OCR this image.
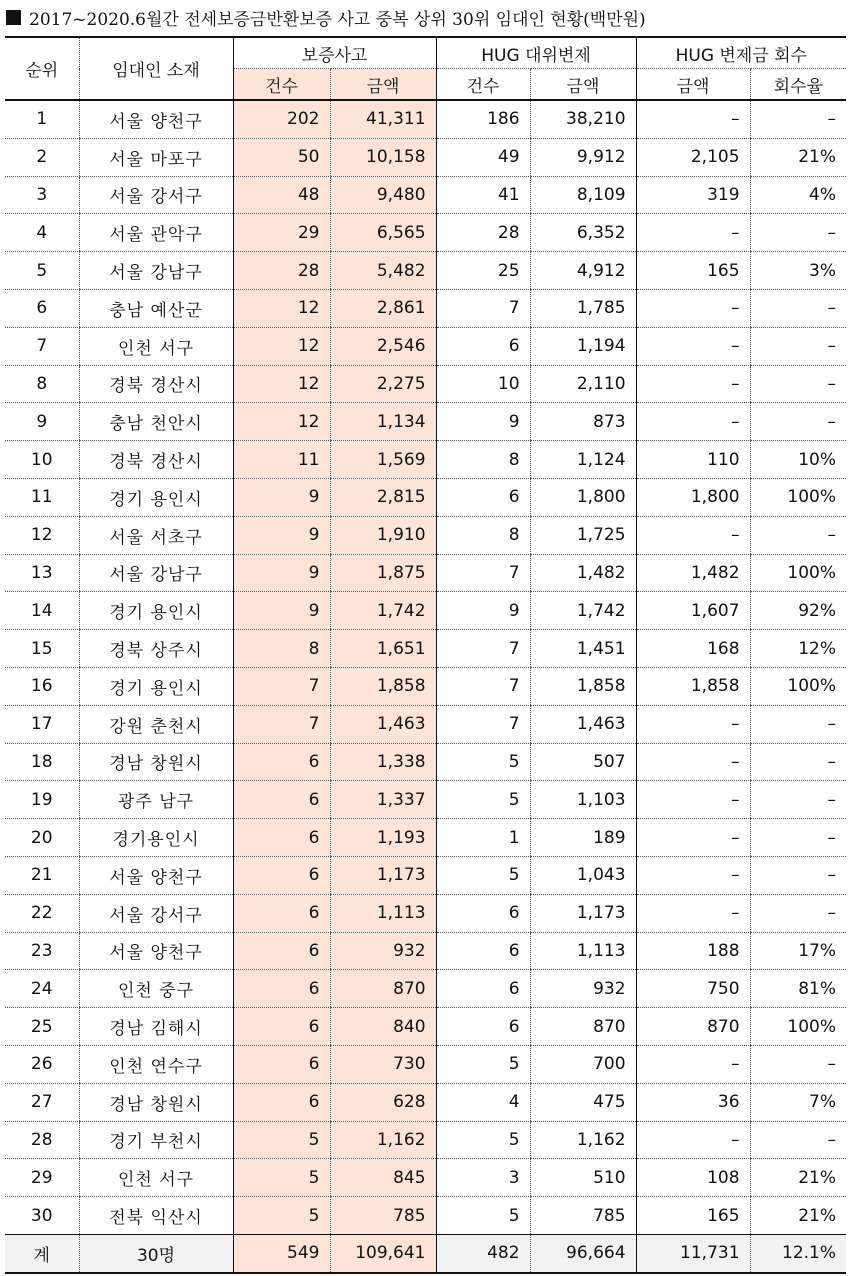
2017~2020.6월간 전세보증금반환보증 사고 중복 상위 30위 임대인 현황(백만원)
순위	임대인 소재	보증사고		HUG 대위변제		HUG 변제금 회수	
		건수	금액	건수	금액	금액	회수율
1	서울 양천구	202	41,311	186	38,210	–	–
2	서울 마포구	50	10,158	49	9,912	2,105	21%
3	서울 강서구	48	9,480	41	8,109	319	4%
4	서울 관악구	29	6,565	28	6,352	–	–
5	서울 강남구	28	5,482	25	4,912	165	3%
6	충남 예산군	12	2,861	7	1,785	–	–
7	인천 서구	12	2,546	6	1,194	–	–
8	경북 경산시	12	2,275	10	2,110	–	–
9	충남 천안시	12	1,134	9	873	–	–
10	경북 경산시	11	1,569	8	1,124	110	10%
11	경기 용인시	9	2,815	6	1,800	1,800	100%
12	서울 서초구	9	1,910	8	1,725	–	–
13	서울 강남구	9	1,875	7	1,482	1,482	100%
14	경기 용인시	9	1,742	9	1,742	1,607	92%
15	경북 상주시	8	1,651	7	1,451	168	12%
16	경기 용인시	7	1,858	7	1,858	1,858	100%
17	강원 춘천시	7	1,463	7	1,463	–	–
18	경남 창원시	6	1,338	5	507	–	–
19	광주 남구	6	1,337	5	1,103	–	–
20	경기용인시	6	1,193	1	189	–	–
21	서울 양천구	6	1,173	5	1,043	–	–
22	서울 강서구	6	1,113	6	1,173	–	–
23	서울 양천구	6	932	6	1,113	188	17%
24	인천 중구	6	870	6	932	750	81%
25	경남 김해시	6	840	6	870	870	100%
26	인천 연수구	6	730	5	700	–	–
27	경남 창원시	6	628	4	475	36	7%
28	경기 부천시	5	1,162	5	1,162	–	–
29	인천 서구	5	845	3	510	108	21%
30	전북 익산시	5	785	5	785	165	21%
계	30명	549	109,641	482	96,664	11,731	12.1%
